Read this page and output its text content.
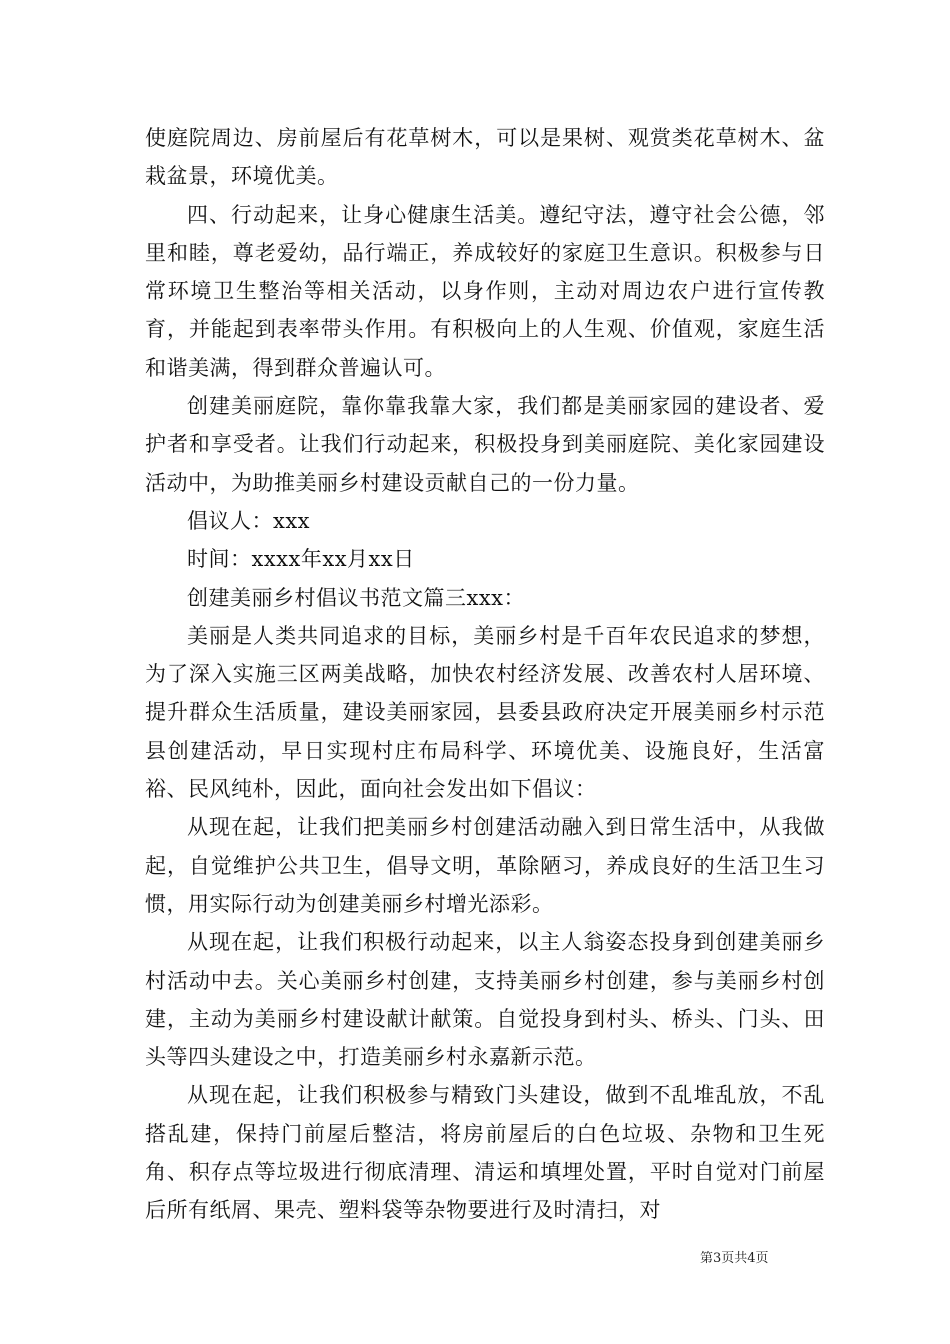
使庭院周边、房前屋后有花草树木，可以是果树、观赏类花草树木、盆栽盆景，环境优美。

四、行动起来，让身心健康生活美。遵纪守法，遵守社会公德，邻里和睦，尊老爱幼，品行端正，养成较好的家庭卫生意识。积极参与日常环境卫生整治等相关活动，以身作则，主动对周边农户进行宣传教育，并能起到表率带头作用。有积极向上的人生观、价值观，家庭生活和谐美满，得到群众普遍认可。

创建美丽庭院，靠你靠我靠大家，我们都是美丽家园的建设者、爱护者和享受者。让我们行动起来，积极投身到美丽庭院、美化家园建设活动中，为助推美丽乡村建设贡献自己的一份力量。

倡议人：xxx

时间：xxxx年xx月xx日

创建美丽乡村倡议书范文篇三xxx：

美丽是人类共同追求的目标，美丽乡村是千百年农民追求的梦想，为了深入实施三区两美战略，加快农村经济发展、改善农村人居环境、提升群众生活质量，建设美丽家园，县委县政府决定开展美丽乡村示范县创建活动，早日实现村庄布局科学、环境优美、设施良好，生活富裕、民风纯朴，因此，面向社会发出如下倡议：

从现在起，让我们把美丽乡村创建活动融入到日常生活中，从我做起，自觉维护公共卫生，倡导文明，革除陋习，养成良好的生活卫生习惯，用实际行动为创建美丽乡村增光添彩。

从现在起，让我们积极行动起来，以主人翁姿态投身到创建美丽乡村活动中去。关心美丽乡村创建，支持美丽乡村创建，参与美丽乡村创建，主动为美丽乡村建设献计献策。自觉投身到村头、桥头、门头、田头等四头建设之中，打造美丽乡村永嘉新示范。

从现在起，让我们积极参与精致门头建设，做到不乱堆乱放，不乱搭乱建，保持门前屋后整洁，将房前屋后的白色垃圾、杂物和卫生死角、积存点等垃圾进行彻底清理、清运和填埋处置，平时自觉对门前屋后所有纸屑、果壳、塑料袋等杂物要进行及时清扫，对

第3页共4页
